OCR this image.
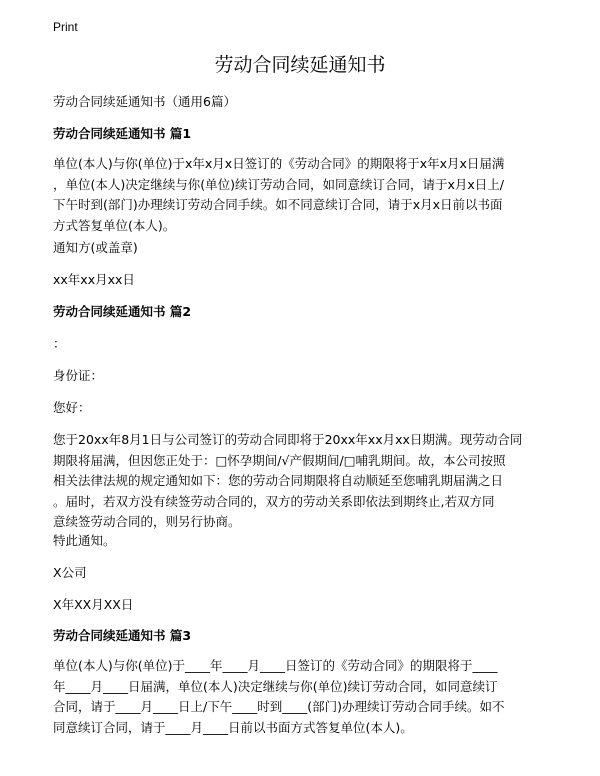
Print
劳动合同续延通知书
劳动合同续延通知书（通用6篇）
劳动合同续延通知书 篇1
单位(本人)与你(单位)于x年x月x日签订的《劳动合同》的期限将于x年x月x日届满
，单位(本人)决定继续与你(单位)续订劳动合同，如同意续订合同，请于x月x日上/
下午时到(部门)办理续订劳动合同手续。如不同意续订合同，请于x月x日前以书面
方式答复单位(本人)。
通知方(或盖章)
xx年xx月xx日
劳动合同续延通知书 篇2
：
身份证：
您好：
您于20xx年8月1日与公司签订的劳动合同即将于20xx年xx月xx日期满。现劳动合同
期限将届满，但因您正处于：□怀孕期间/√产假期间/□哺乳期间。故，本公司按照
相关法律法规的规定通知如下：您的劳动合同期限将自动顺延至您哺乳期届满之日
。届时，若双方没有续签劳动合同的，双方的劳动关系即依法到期终止,若双方同
意续签劳动合同的，则另行协商。
特此通知。
X公司
X年XX月XX日
劳动合同续延通知书 篇3
单位(本人)与你(单位)于____年____月____日签订的《劳动合同》的期限将于____
年____月____日届满，单位(本人)决定继续与你(单位)续订劳动合同，如同意续订
合同，请于____月____日上/下午____时到____(部门)办理续订劳动合同手续。如不
同意续订合同，请于____月____日前以书面方式答复单位(本人)。
